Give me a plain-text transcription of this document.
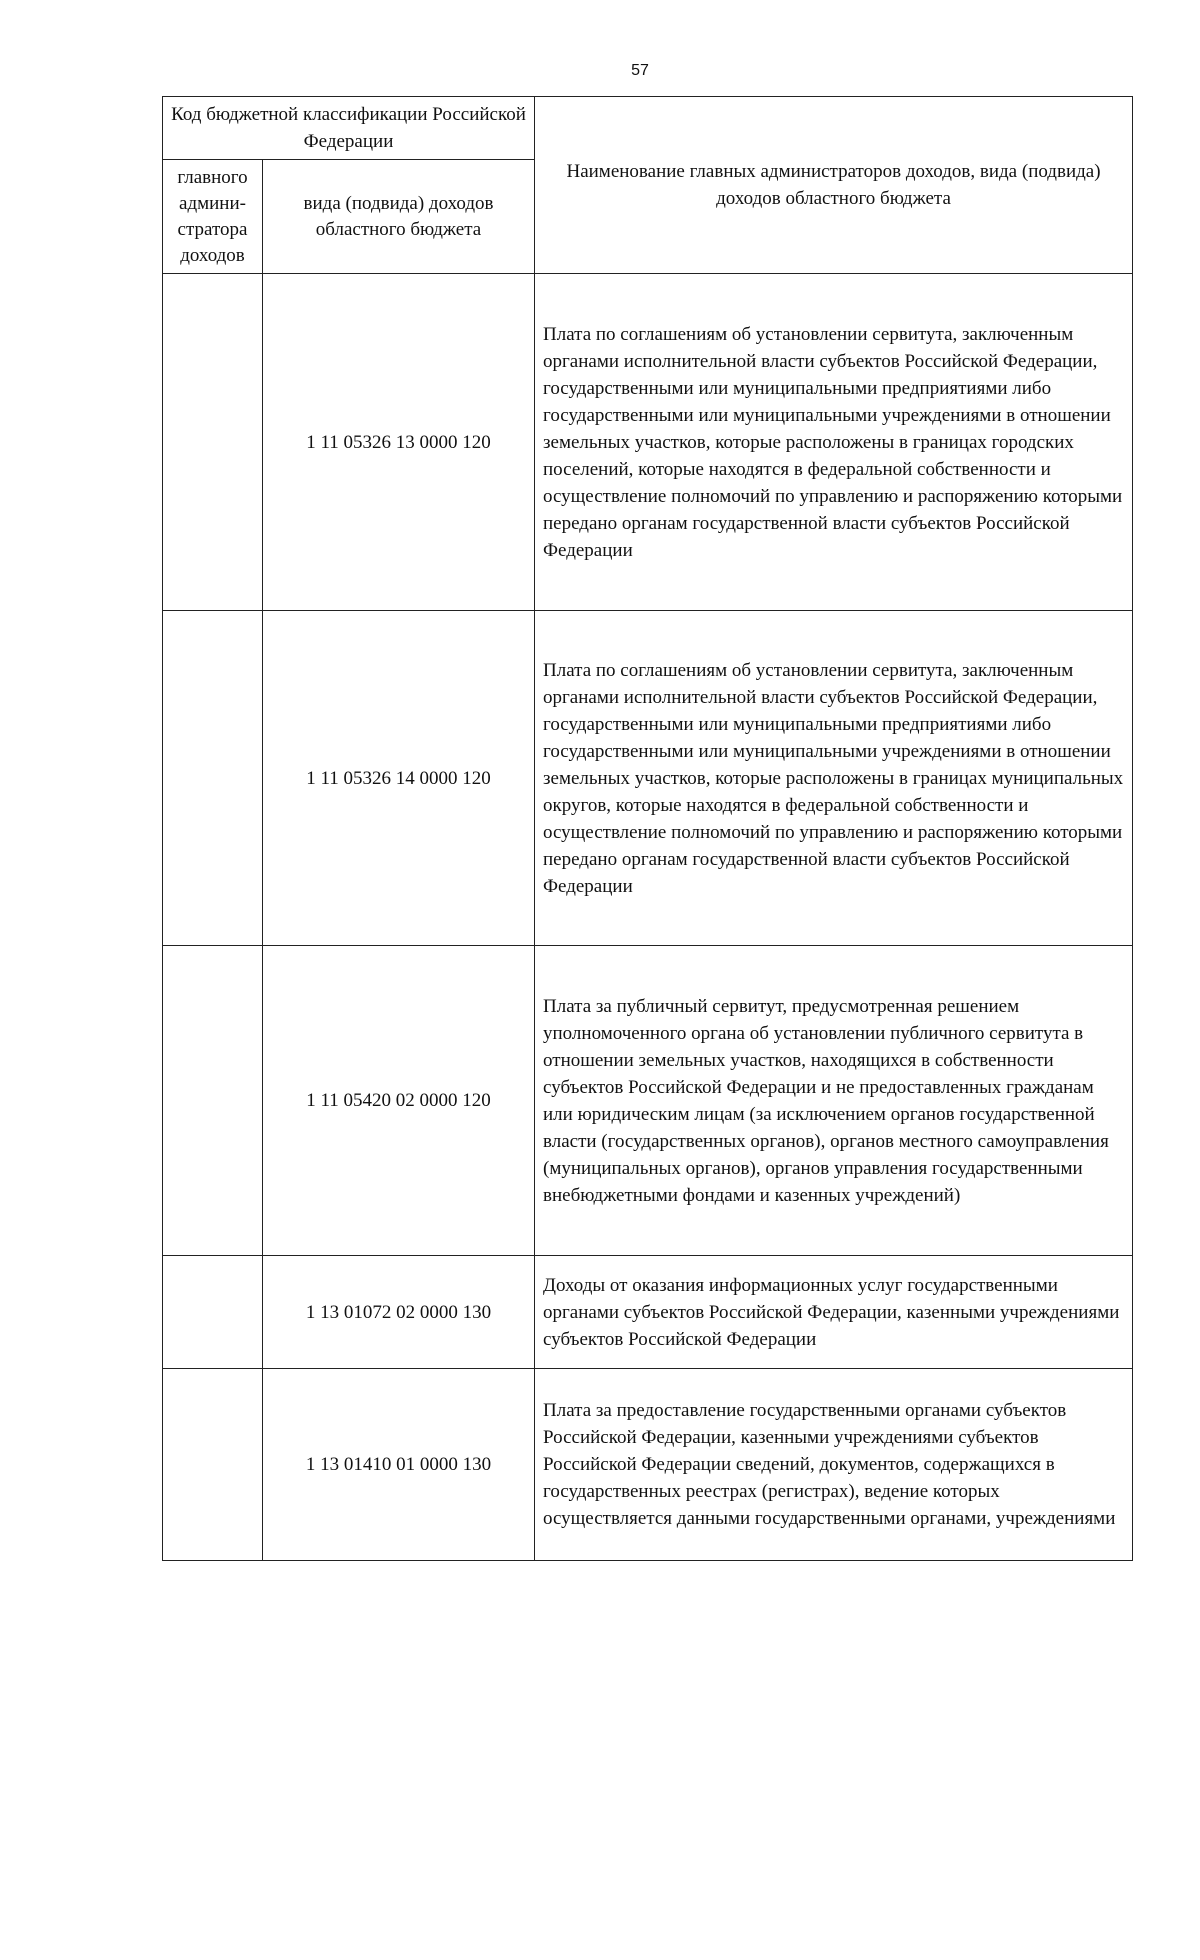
57
Код бюджетной классификации Российской Федерации		Наименование главных администраторов доходов, вида (подвида) доходов областного бюджета
главного админи-стратора доходов	вида (подвида) доходов областного бюджета	
	1 11 05326 13 0000 120	Плата по соглашениям об установлении сервитута, заключенным органами исполнительной власти субъектов Российской Федерации, государственными или муниципальными предприятиями либо государственными или муниципальными учреждениями в отношении земельных участков, которые расположены в границах городских поселений, которые находятся в федеральной собственности и осуществление полномочий по управлению и распоряжению которыми передано органам государственной власти субъектов Российской Федерации
	1 11 05326 14 0000 120	Плата по соглашениям об установлении сервитута, заключенным органами исполнительной власти субъектов Российской Федерации, государственными или муниципальными предприятиями либо государственными или муниципальными учреждениями в отношении земельных участков, которые расположены в границах муниципальных округов, которые находятся в федеральной собственности и осуществление полномочий по управлению и распоряжению которыми передано органам государственной власти субъектов Российской Федерации
	1 11 05420 02 0000 120	Плата за публичный сервитут, предусмотренная решением уполномоченного органа об установлении публичного сервитута в отношении земельных участков, находящихся в собственности субъектов Российской Федерации и не предоставленных гражданам или юридическим лицам (за исключением органов государственной власти (государственных органов), органов местного самоуправления (муниципальных органов), органов управления государственными внебюджетными фондами и казенных учреждений)
	1 13 01072 02 0000 130	Доходы от оказания информационных услуг государственными органами субъектов Российской Федерации, казенными учреждениями субъектов Российской Федерации
	1 13 01410 01 0000 130	Плата за предоставление государственными органами субъектов Российской Федерации, казенными учреждениями субъектов Российской Федерации сведений, документов, содержащихся в государственных реестрах (регистрах), ведение которых осуществляется данными государственными органами, учреждениями
